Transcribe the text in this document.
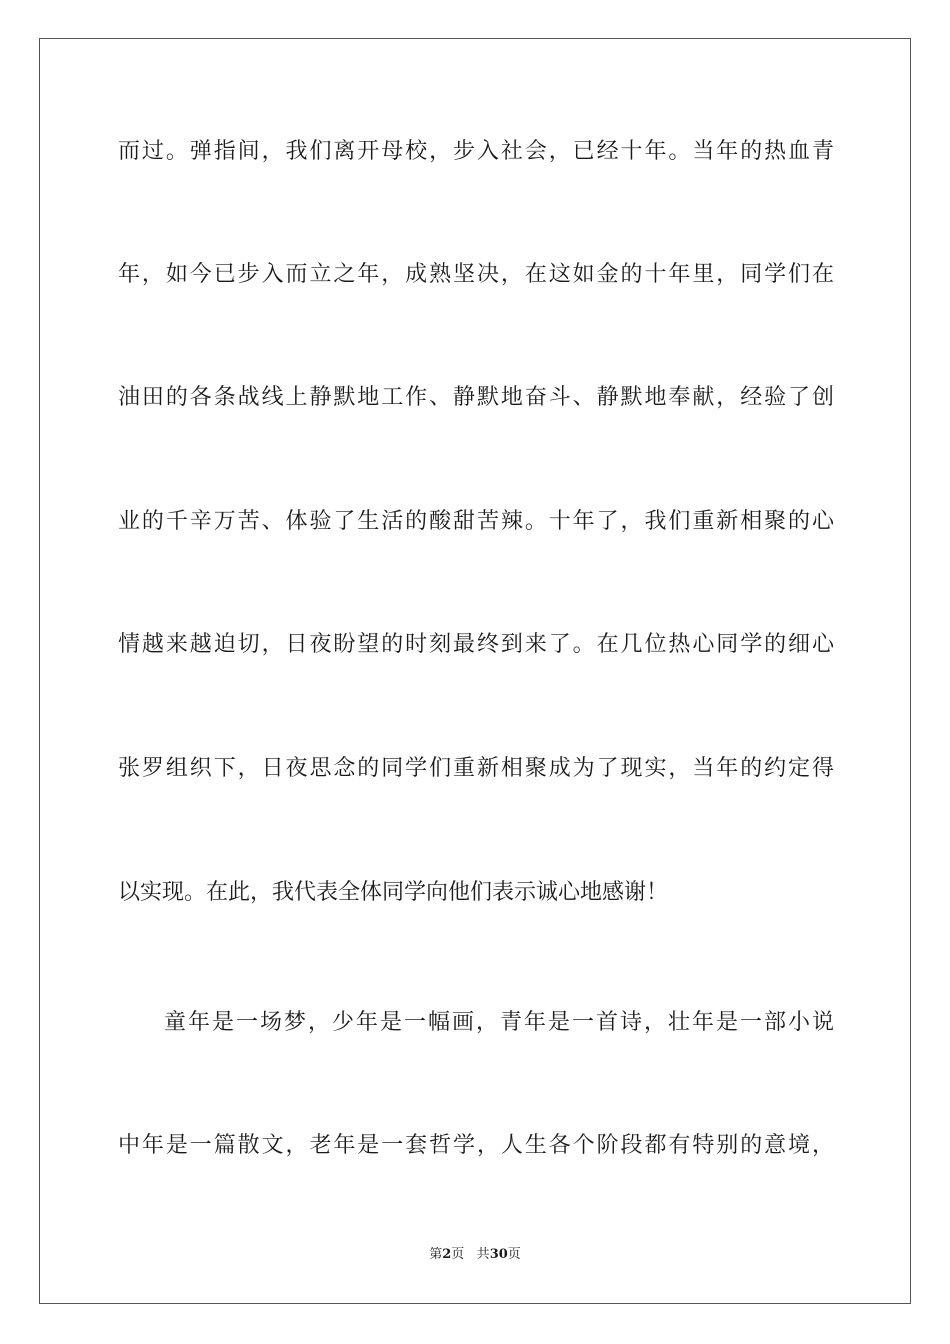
而过。弹指间，我们离开母校，步入社会，已经十年。当年的热血青
年，如今已步入而立之年，成熟坚决，在这如金的十年里，同学们在
油田的各条战线上静默地工作、静默地奋斗、静默地奉献，经验了创
业的千辛万苦、体验了生活的酸甜苦辣。十年了，我们重新相聚的心
情越来越迫切，日夜盼望的时刻最终到来了。在几位热心同学的细心
张罗组织下，日夜思念的同学们重新相聚成为了现实，当年的约定得
以实现。在此，我代表全体同学向他们表示诚心地感谢！
童年是一场梦，少年是一幅画，青年是一首诗，壮年是一部小说
中年是一篇散文，老年是一套哲学，人生各个阶段都有特别的意境，
第2页 共30页
